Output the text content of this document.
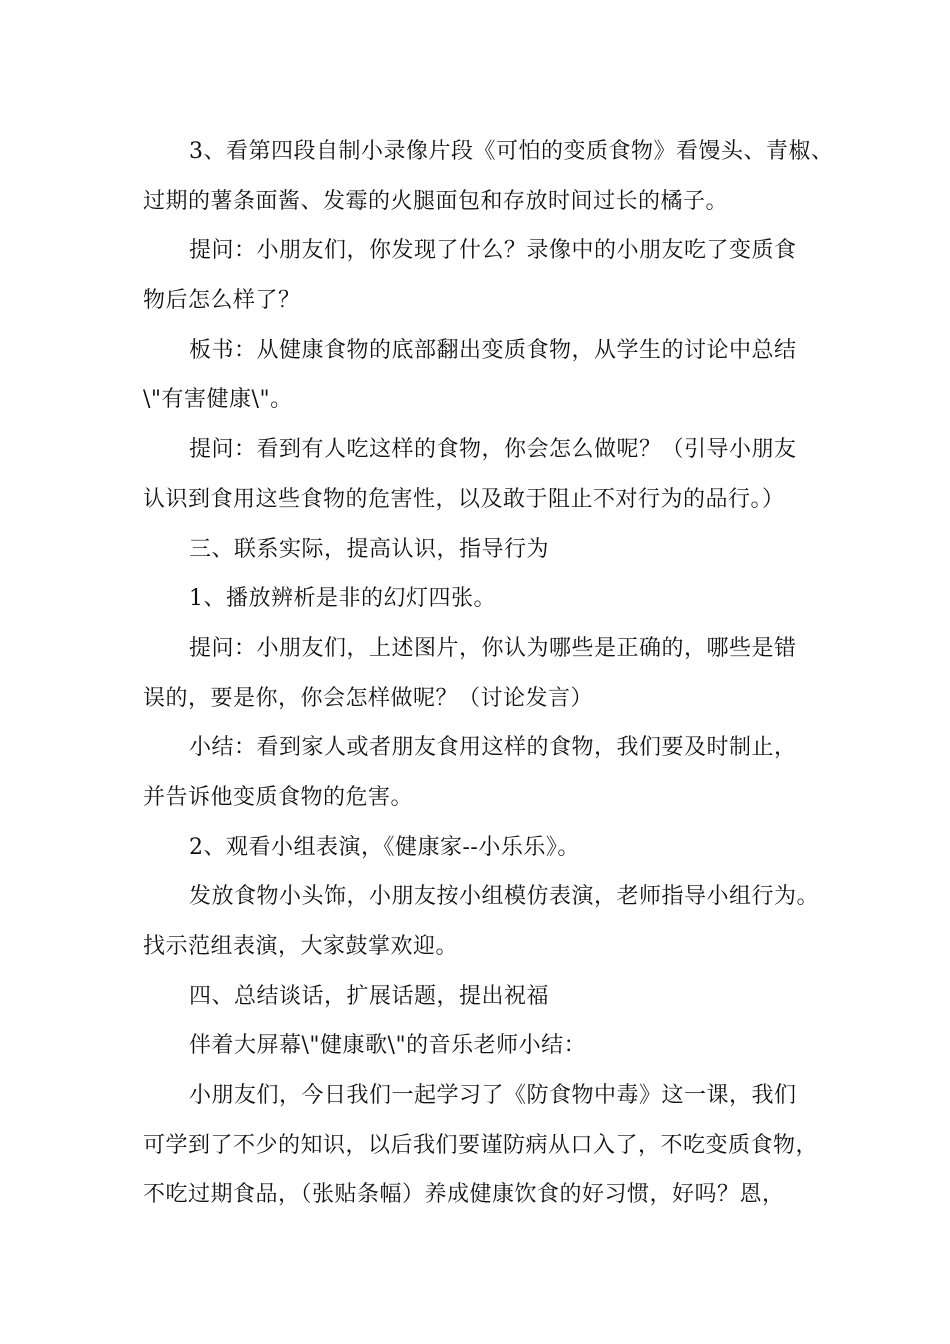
3、看第四段自制小录像片段《可怕的变质食物》看馒头、青椒、
过期的薯条面酱、发霉的火腿面包和存放时间过长的橘子。
提问：小朋友们，你发现了什么？录像中的小朋友吃了变质食
物后怎么样了？
板书：从健康食物的底部翻出变质食物，从学生的讨论中总结
\"有害健康\"。
提问：看到有人吃这样的食物，你会怎么做呢？（引导小朋友
认识到食用这些食物的危害性，以及敢于阻止不对行为的品行。）
三、联系实际，提高认识，指导行为
1、播放辨析是非的幻灯四张。
提问：小朋友们，上述图片，你认为哪些是正确的，哪些是错
误的，要是你，你会怎样做呢？（讨论发言）
小结：看到家人或者朋友食用这样的食物，我们要及时制止，
并告诉他变质食物的危害。
2、观看小组表演，《健康家--小乐乐》。
发放食物小头饰，小朋友按小组模仿表演，老师指导小组行为。
找示范组表演，大家鼓掌欢迎。
四、总结谈话，扩展话题，提出祝福
伴着大屏幕\"健康歌\"的音乐老师小结：
小朋友们，今日我们一起学习了《防食物中毒》这一课，我们
可学到了不少的知识，以后我们要谨防病从口入了，不吃变质食物，
不吃过期食品，（张贴条幅）养成健康饮食的好习惯，好吗？恩，
